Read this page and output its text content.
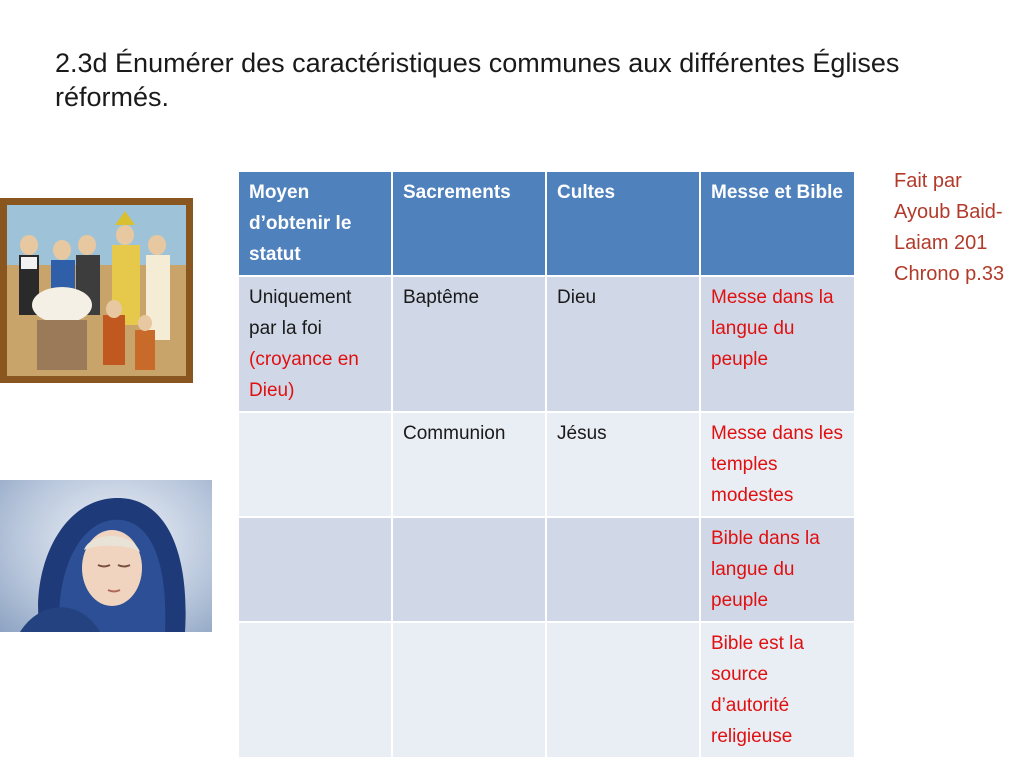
2.3d Énumérer des caractéristiques communes aux différentes Églises réformés.
Moyen d’obtenir le statut	Sacrements	Cultes	Messe et Bible
Uniquement par la foi (croyance en Dieu)	Baptême	Dieu	Messe dans la langue du peuple
	Communion	Jésus	Messe dans les temples modestes
			Bible dans la langue du peuple
			Bible est la source d’autorité religieuse
Fait par Ayoub Baid-Laiam 201 Chrono p.33
